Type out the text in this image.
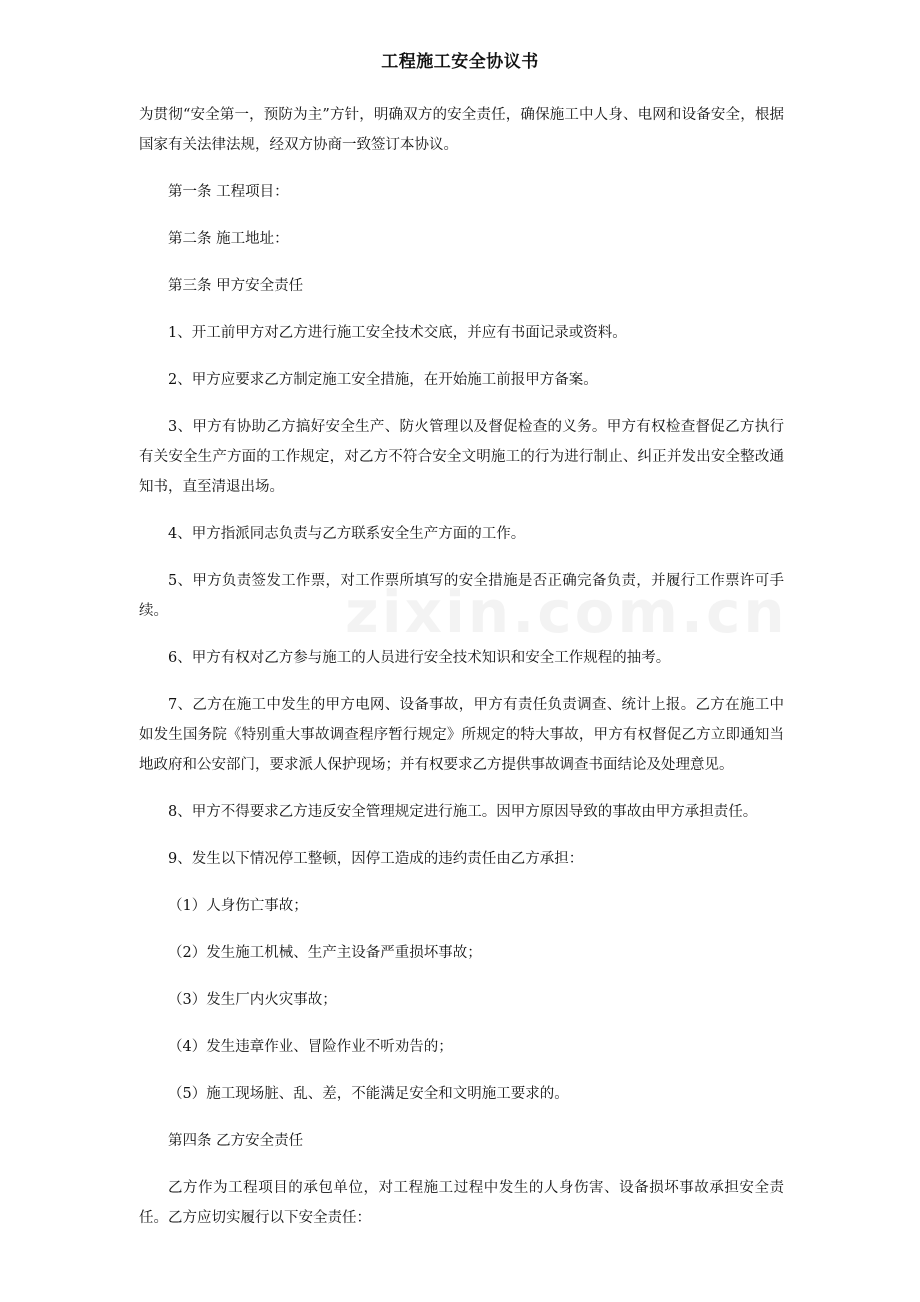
工程施工安全协议书

为贯彻“安全第一，预防为主”方针，明确双方的安全责任，确保施工中人身、电网和设备安全，根据国家有关法律法规，经双方协商一致签订本协议。

第一条 工程项目：

第二条 施工地址：

第三条 甲方安全责任

1、开工前甲方对乙方进行施工安全技术交底，并应有书面记录或资料。

2、甲方应要求乙方制定施工安全措施，在开始施工前报甲方备案。

3、甲方有协助乙方搞好安全生产、防火管理以及督促检查的义务。甲方有权检查督促乙方执行有关安全生产方面的工作规定，对乙方不符合安全文明施工的行为进行制止、纠正并发出安全整改通知书，直至清退出场。

4、甲方指派同志负责与乙方联系安全生产方面的工作。

5、甲方负责签发工作票，对工作票所填写的安全措施是否正确完备负责，并履行工作票许可手续。

6、甲方有权对乙方参与施工的人员进行安全技术知识和安全工作规程的抽考。

7、乙方在施工中发生的甲方电网、设备事故，甲方有责任负责调查、统计上报。乙方在施工中如发生国务院《特别重大事故调查程序暂行规定》所规定的特大事故，甲方有权督促乙方立即通知当地政府和公安部门，要求派人保护现场；并有权要求乙方提供事故调查书面结论及处理意见。

8、甲方不得要求乙方违反安全管理规定进行施工。因甲方原因导致的事故由甲方承担责任。

9、发生以下情况停工整顿，因停工造成的违约责任由乙方承担：

（1）人身伤亡事故；

（2）发生施工机械、生产主设备严重损坏事故；

（3）发生厂内火灾事故；

（4）发生违章作业、冒险作业不听劝告的；

（5）施工现场脏、乱、差，不能满足安全和文明施工要求的。

第四条 乙方安全责任

乙方作为工程项目的承包单位，对工程施工过程中发生的人身伤害、设备损坏事故承担安全责任。乙方应切实履行以下安全责任：
